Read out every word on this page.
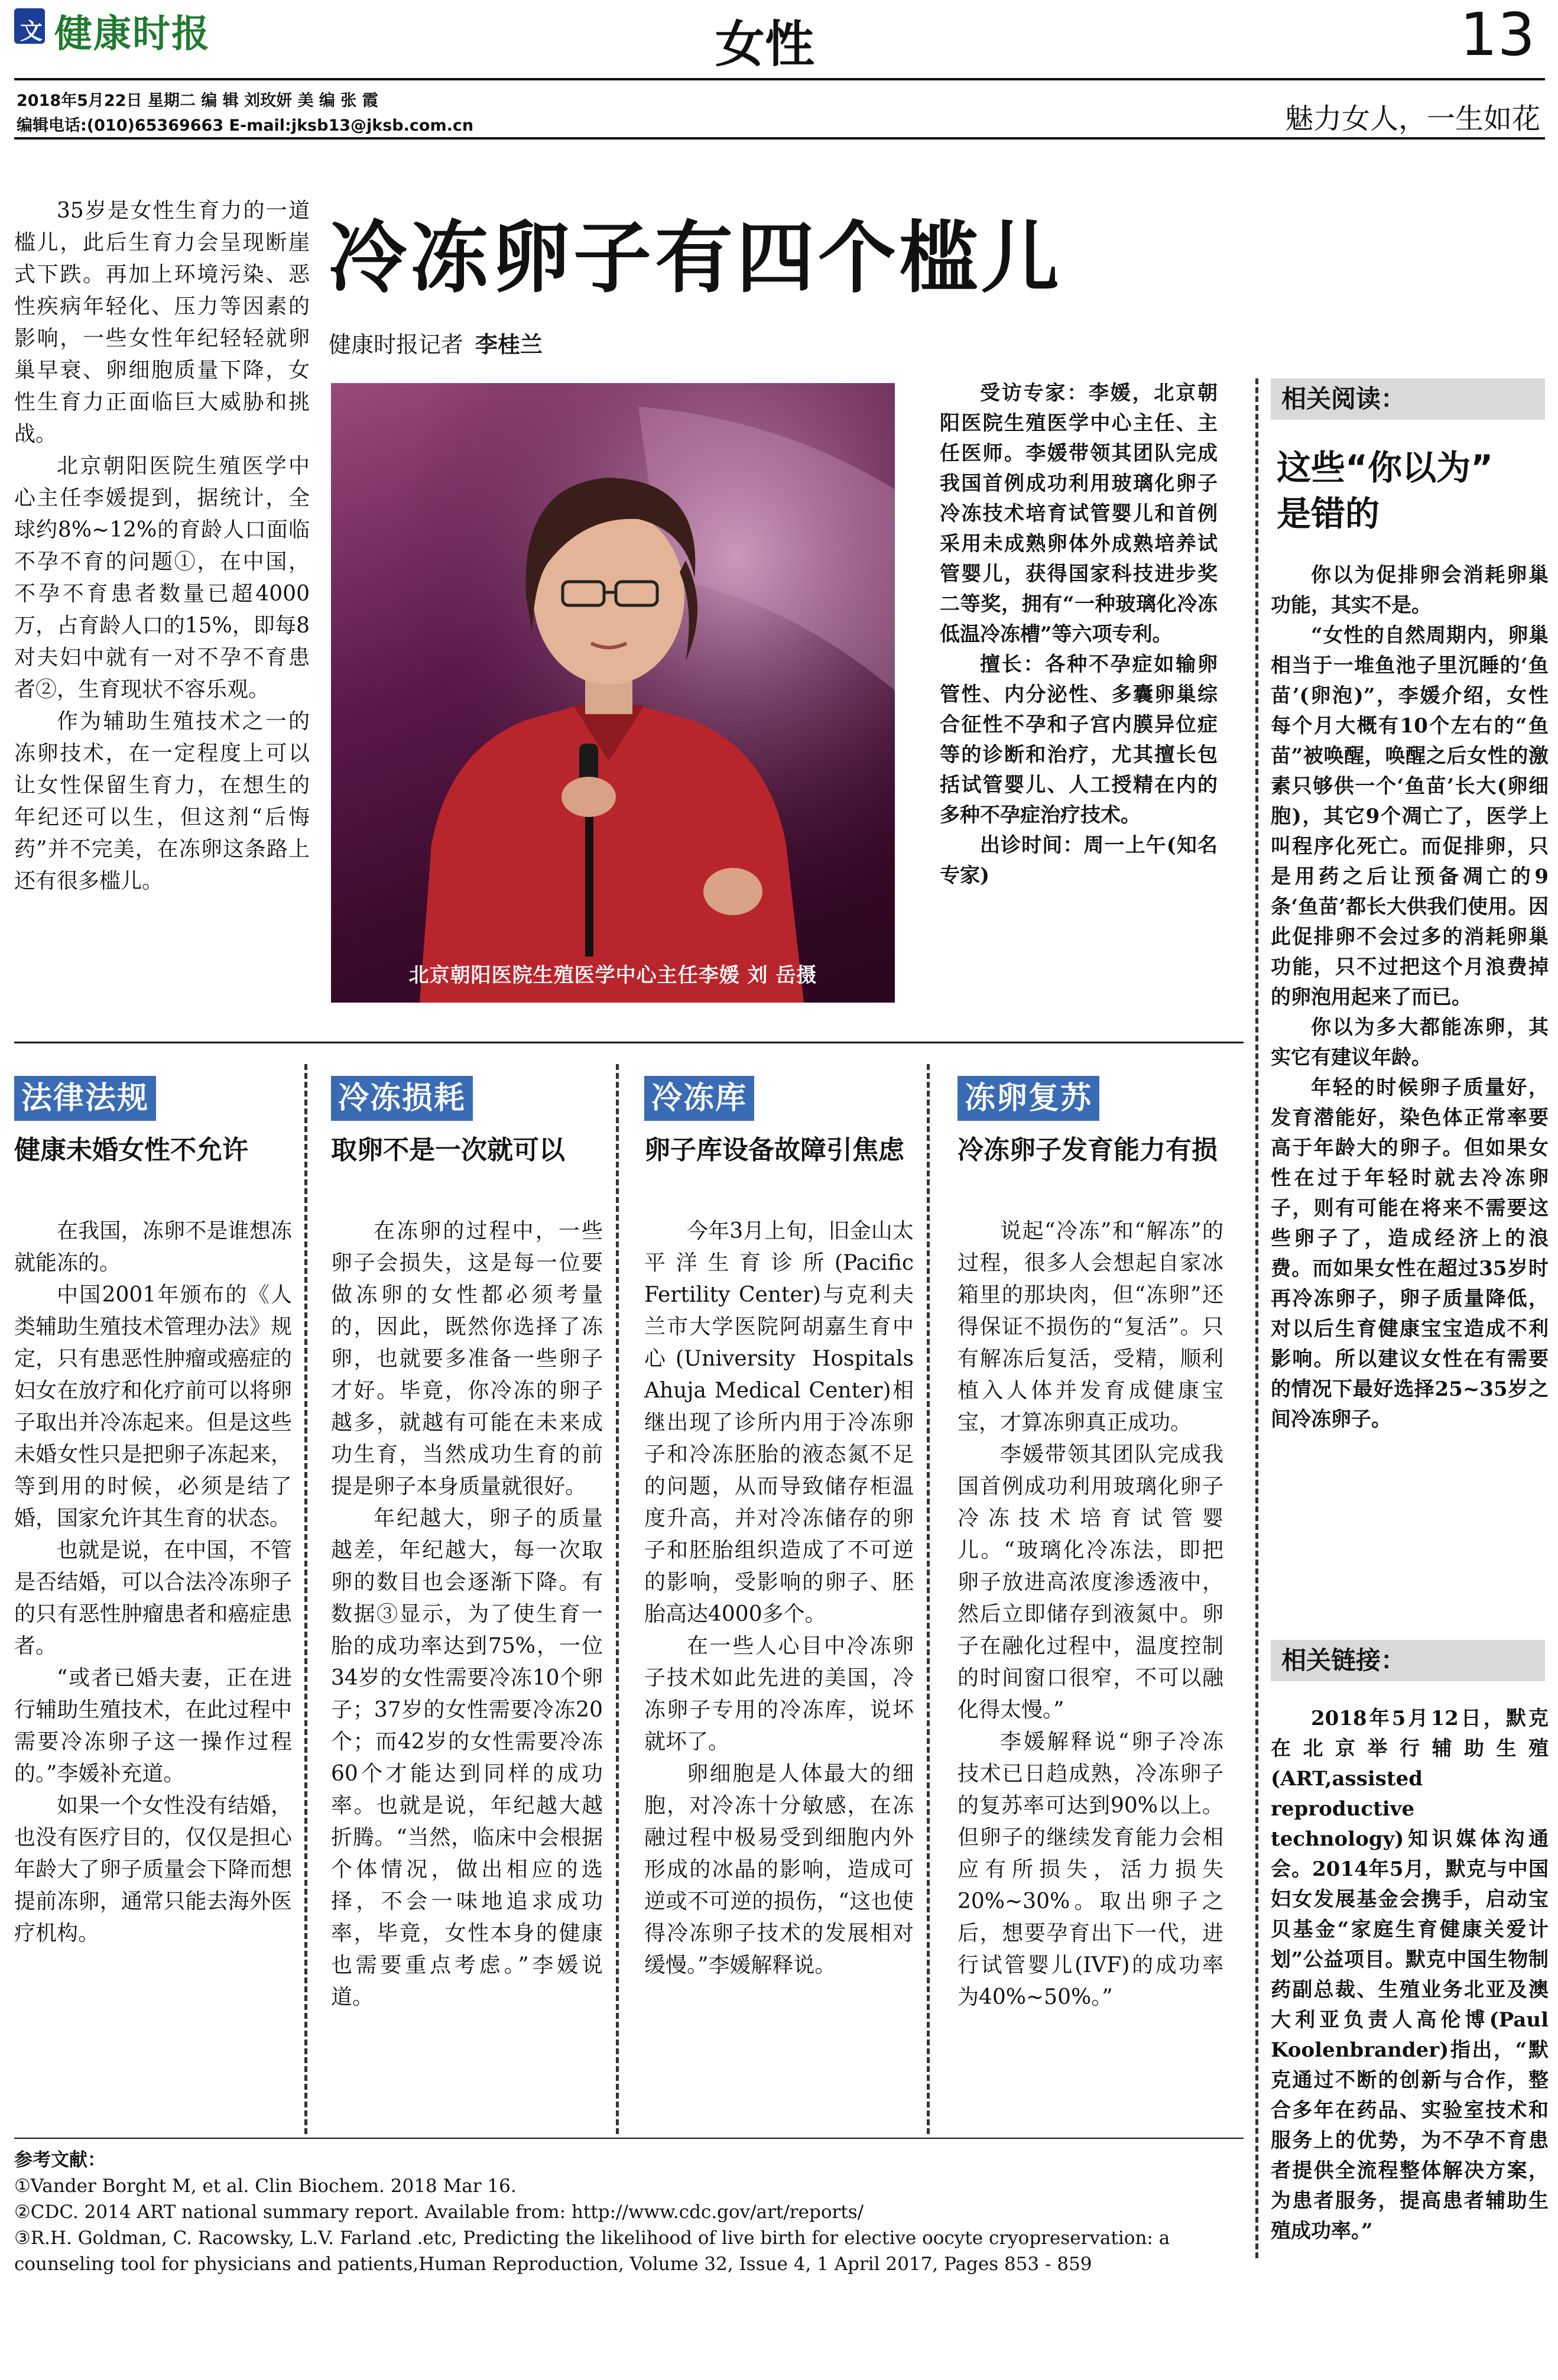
文 健康时报	女性	13
2018年5月22日 星期二 编 辑 刘玫妍 美 编 张 霞
编辑电话:(010)65369663 E-mail:jksb13@jksb.com.cn	魅力女人，一生如花
冷冻卵子有四个槛儿
健康时报记者 李桂兰

35岁是女性生育力的一道槛儿，此后生育力会呈现断崖式下跌。再加上环境污染、恶性疾病年轻化、压力等因素的影响，一些女性年纪轻轻就卵巢早衰、卵细胞质量下降，女性生育力正面临巨大威胁和挑战。

北京朝阳医院生殖医学中心主任李媛提到，据统计，全球约8%~12%的育龄人口面临不孕不育的问题①，在中国，不孕不育患者数量已超4000万，占育龄人口的15%，即每8对夫妇中就有一对不孕不育患者②，生育现状不容乐观。

作为辅助生殖技术之一的冻卵技术，在一定程度上可以让女性保留生育力，在想生的年纪还可以生，但这剂“后悔药”并不完美，在冻卵这条路上还有很多槛儿。

北京朝阳医院生殖医学中心主任李媛 刘 岳摄

受访专家：李媛，北京朝阳医院生殖医学中心主任、主任医师。李媛带领其团队完成我国首例成功利用玻璃化卵子冷冻技术培育试管婴儿和首例采用未成熟卵体外成熟培养试管婴儿，获得国家科技进步奖二等奖，拥有“一种玻璃化冷冻低温冷冻槽”等六项专利。

擅长：各种不孕症如输卵管性、内分泌性、多囊卵巢综合征性不孕和子宫内膜异位症等的诊断和治疗，尤其擅长包括试管婴儿、人工授精在内的多种不孕症治疗技术。

出诊时间：周一上午(知名专家)

法律法规
健康未婚女性不允许

在我国，冻卵不是谁想冻就能冻的。

中国2001年颁布的《人类辅助生殖技术管理办法》规定，只有患恶性肿瘤或癌症的妇女在放疗和化疗前可以将卵子取出并冷冻起来。但是这些未婚女性只是把卵子冻起来，等到用的时候，必须是结了婚，国家允许其生育的状态。

也就是说，在中国，不管是否结婚，可以合法冷冻卵子的只有恶性肿瘤患者和癌症患者。

“或者已婚夫妻，正在进行辅助生殖技术，在此过程中需要冷冻卵子这一操作过程的。”李媛补充道。

如果一个女性没有结婚，也没有医疗目的，仅仅是担心年龄大了卵子质量会下降而想提前冻卵，通常只能去海外医疗机构。

冷冻损耗
取卵不是一次就可以

在冻卵的过程中，一些卵子会损失，这是每一位要做冻卵的女性都必须考量的，因此，既然你选择了冻卵，也就要多准备一些卵子才好。毕竟，你冷冻的卵子越多，就越有可能在未来成功生育，当然成功生育的前提是卵子本身质量就很好。

年纪越大，卵子的质量越差，年纪越大，每一次取卵的数目也会逐渐下降。有数据③显示，为了使生育一胎的成功率达到75%，一位34岁的女性需要冷冻10个卵子；37岁的女性需要冷冻20个；而42岁的女性需要冷冻60个才能达到同样的成功率。也就是说，年纪越大越折腾。“当然，临床中会根据个体情况，做出相应的选择，不会一味地追求成功率，毕竟，女性本身的健康也需要重点考虑。”李媛说道。

冷冻库
卵子库设备故障引焦虑

今年3月上旬，旧金山太平洋生育诊所(Pacific Fertility Center)与克利夫兰市大学医院阿胡嘉生育中心(University Hospitals Ahuja Medical Center)相继出现了诊所内用于冷冻卵子和冷冻胚胎的液态氮不足的问题，从而导致储存柜温度升高，并对冷冻储存的卵子和胚胎组织造成了不可逆的影响，受影响的卵子、胚胎高达4000多个。

在一些人心目中冷冻卵子技术如此先进的美国，冷冻卵子专用的冷冻库，说坏就坏了。

卵细胞是人体最大的细胞，对冷冻十分敏感，在冻融过程中极易受到细胞内外形成的冰晶的影响，造成可逆或不可逆的损伤，“这也使得冷冻卵子技术的发展相对缓慢。”李媛解释说。

冻卵复苏
冷冻卵子发育能力有损

说起“冷冻”和“解冻”的过程，很多人会想起自家冰箱里的那块肉，但“冻卵”还得保证不损伤的“复活”。只有解冻后复活，受精，顺利植入人体并发育成健康宝宝，才算冻卵真正成功。

李媛带领其团队完成我国首例成功利用玻璃化卵子冷冻技术培育试管婴儿。“玻璃化冷冻法，即把卵子放进高浓度渗透液中，然后立即储存到液氮中。卵子在融化过程中，温度控制的时间窗口很窄，不可以融化得太慢。”

李媛解释说“卵子冷冻技术已日趋成熟，冷冻卵子的复苏率可达到90%以上。但卵子的继续发育能力会相应有所损失，活力损失20%~30%。取出卵子之后，想要孕育出下一代，进行试管婴儿(IVF)的成功率为40%~50%。”

相关阅读：
这些“你以为”
是错的

你以为促排卵会消耗卵巢功能，其实不是。

“女性的自然周期内，卵巢相当于一堆鱼池子里沉睡的‘鱼苗’(卵泡)”，李媛介绍，女性每个月大概有10个左右的“鱼苗”被唤醒，唤醒之后女性的激素只够供一个‘鱼苗’长大(卵细胞)，其它9个凋亡了，医学上叫程序化死亡。而促排卵，只是用药之后让预备凋亡的9条‘鱼苗’都长大供我们使用。因此促排卵不会过多的消耗卵巢功能，只不过把这个月浪费掉的卵泡用起来了而已。

你以为多大都能冻卵，其实它有建议年龄。

年轻的时候卵子质量好，发育潜能好，染色体正常率要高于年龄大的卵子。但如果女性在过于年轻时就去冷冻卵子，则有可能在将来不需要这些卵子了，造成经济上的浪费。而如果女性在超过35岁时再冷冻卵子，卵子质量降低，对以后生育健康宝宝造成不利影响。所以建议女性在有需要的情况下最好选择25~35岁之间冷冻卵子。

相关链接：

2018年5月12日，默克在北京举行辅助生殖(ART,assisted reproductive technology)知识媒体沟通会。2014年5月，默克与中国妇女发展基金会携手，启动宝贝基金“家庭生育健康关爱计划”公益项目。默克中国生物制药副总裁、生殖业务北亚及澳大利亚负责人高伦博(Paul Koolenbrander)指出，“默克通过不断的创新与合作，整合多年在药品、实验室技术和服务上的优势，为不孕不育患者提供全流程整体解决方案，为患者服务，提高患者辅助生殖成功率。”

参考文献：
①Vander Borght M, et al. Clin Biochem. 2018 Mar 16.
②CDC. 2014 ART national summary report. Available from: http://www.cdc.gov/art/reports/
③R.H. Goldman, C. Racowsky, L.V. Farland .etc, Predicting the likelihood of live birth for elective oocyte cryopreservation: a counseling tool for physicians and patients,Human Reproduction, Volume 32, Issue 4, 1 April 2017, Pages 853 - 859
